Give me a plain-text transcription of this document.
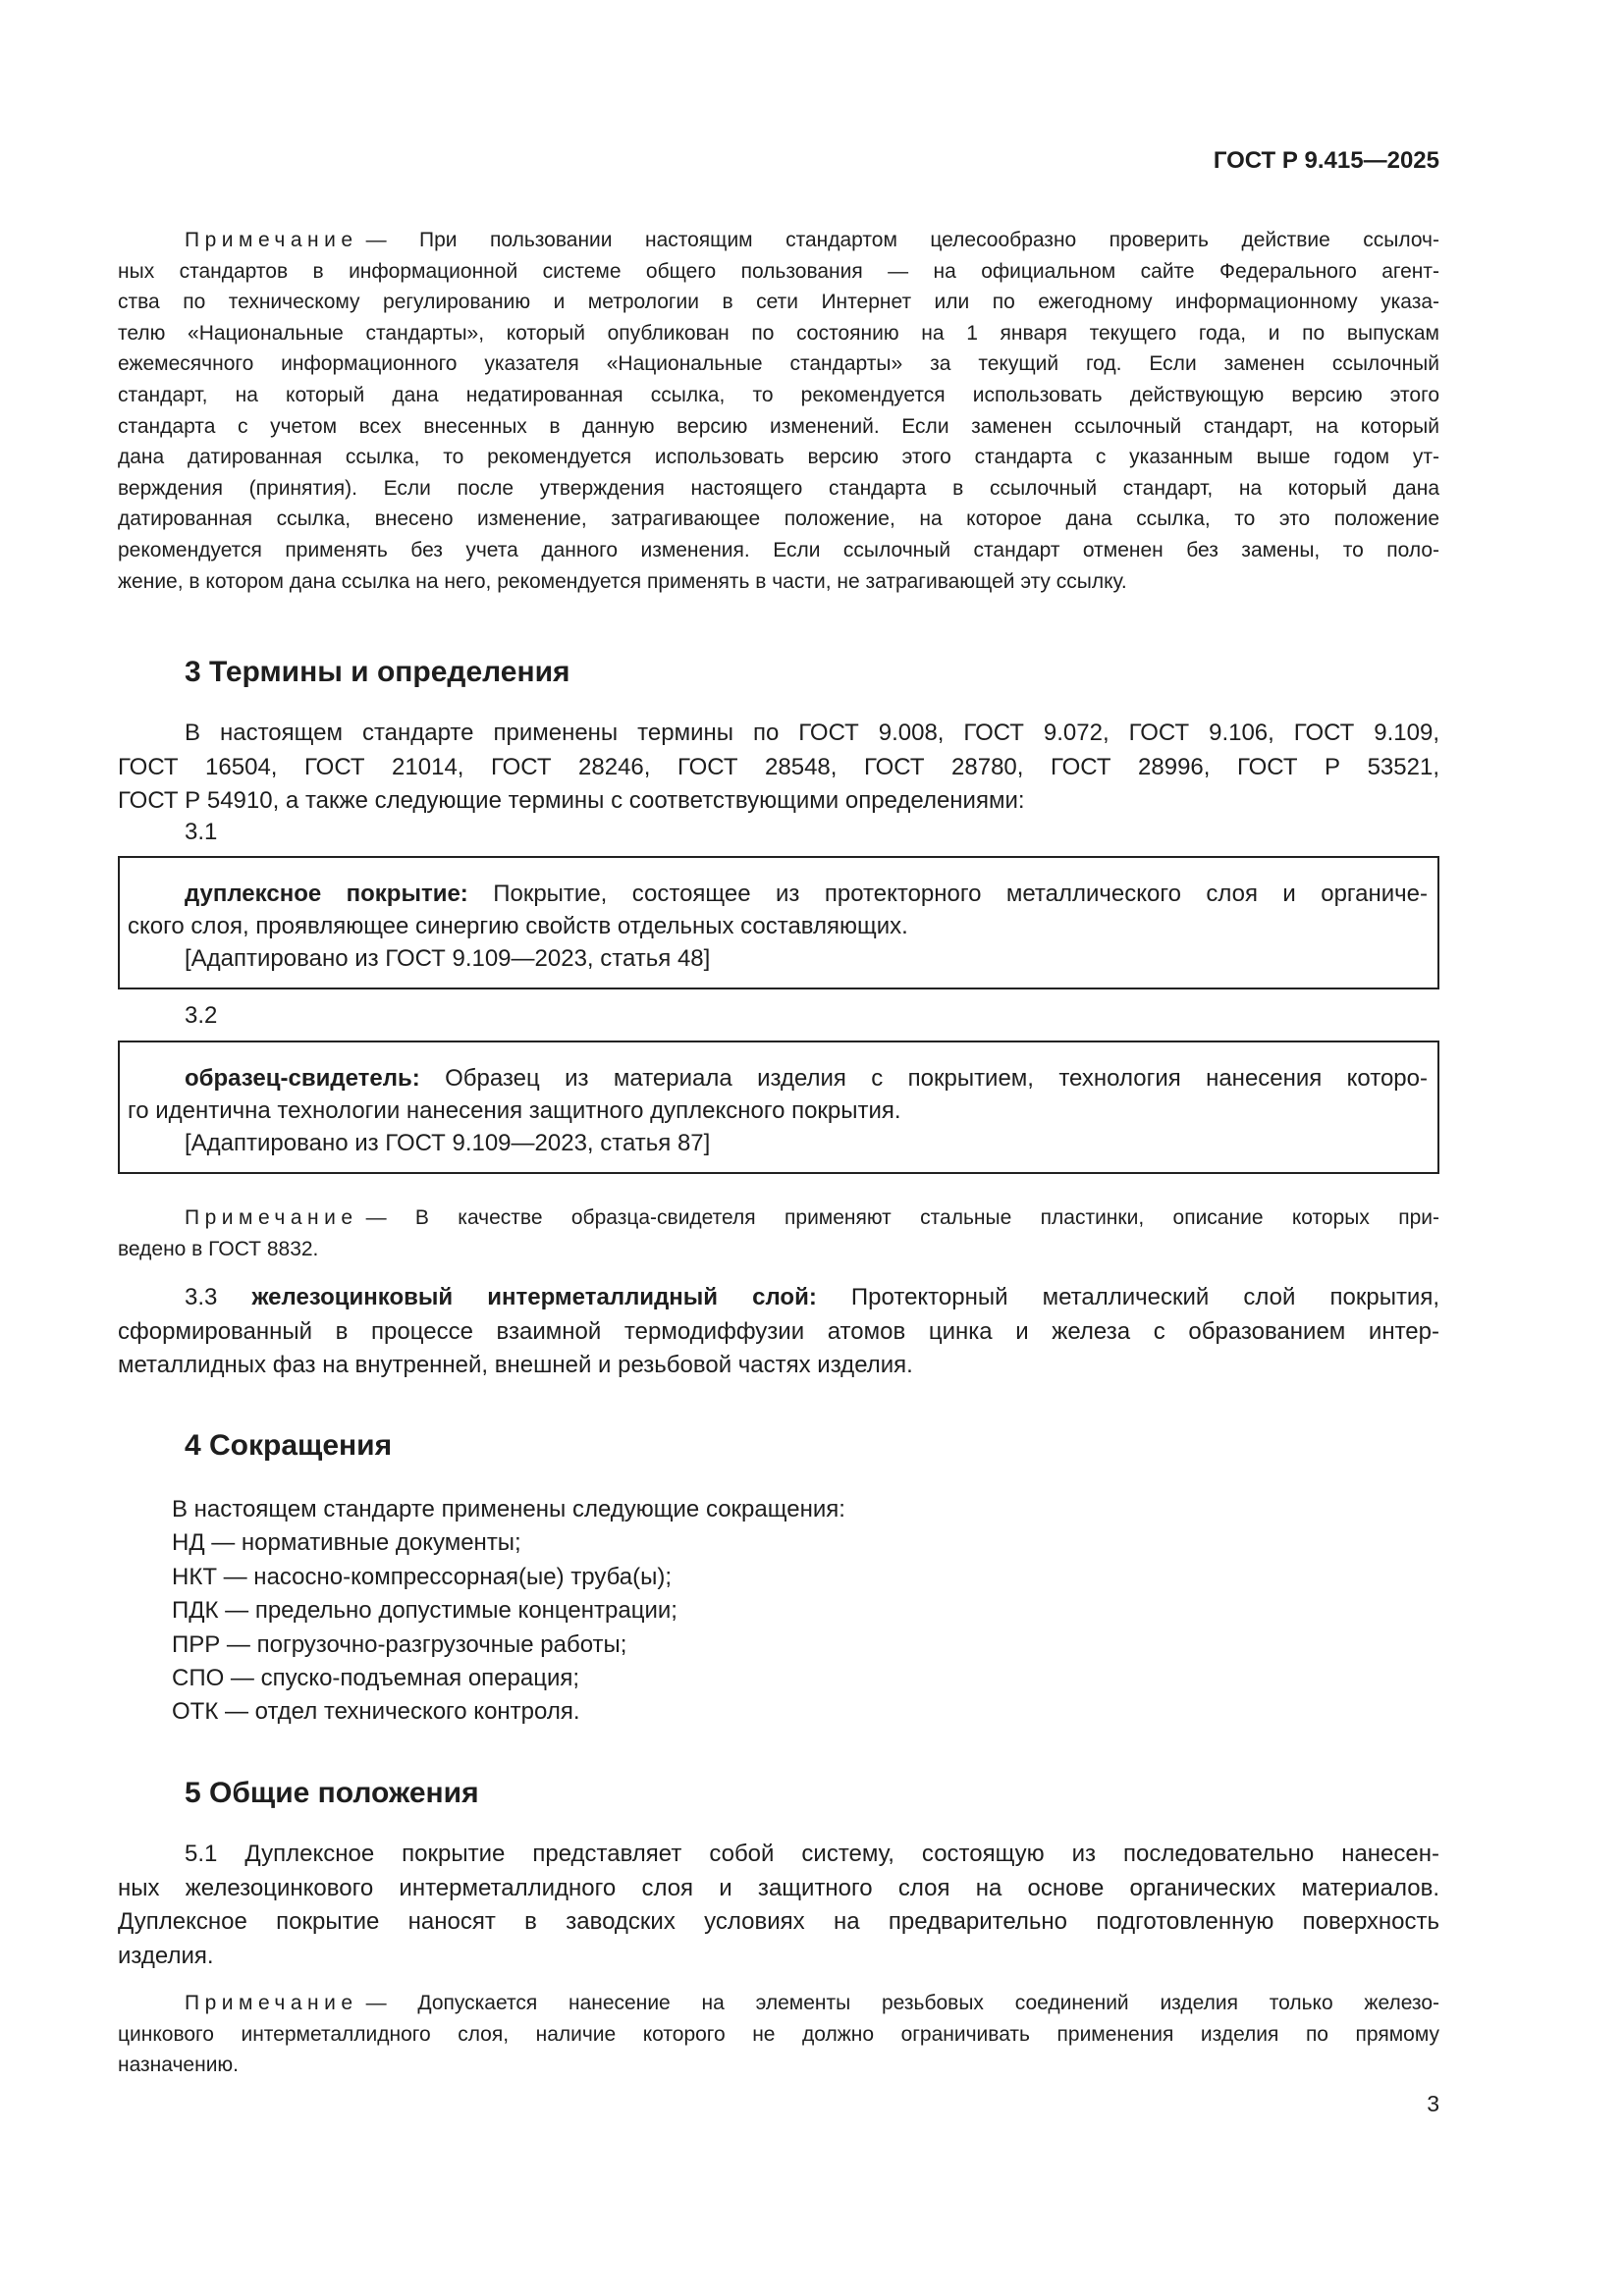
ГОСТ Р 9.415—2025
Примечание — При пользовании настоящим стандартом целесообразно проверить действие ссылоч-
ных стандартов в информационной системе общего пользования — на официальном сайте Федерального агент-
ства по техническому регулированию и метрологии в сети Интернет или по ежегодному информационному указа-
телю «Национальные стандарты», который опубликован по состоянию на 1 января текущего года, и по выпускам
ежемесячного информационного указателя «Национальные стандарты» за текущий год. Если заменен ссылочный
стандарт, на который дана недатированная ссылка, то рекомендуется использовать действующую версию этого
стандарта с учетом всех внесенных в данную версию изменений. Если заменен ссылочный стандарт, на который
дана датированная ссылка, то рекомендуется использовать версию этого стандарта с указанным выше годом ут-
верждения (принятия). Если после утверждения настоящего стандарта в ссылочный стандарт, на который дана
датированная ссылка, внесено изменение, затрагивающее положение, на которое дана ссылка, то это положение
рекомендуется применять без учета данного изменения. Если ссылочный стандарт отменен без замены, то поло-
жение, в котором дана ссылка на него, рекомендуется применять в части, не затрагивающей эту ссылку.
3 Термины и определения
В настоящем стандарте применены термины по ГОСТ 9.008, ГОСТ 9.072, ГОСТ 9.106, ГОСТ 9.109,
ГОСТ 16504, ГОСТ 21014, ГОСТ 28246, ГОСТ 28548, ГОСТ 28780, ГОСТ 28996, ГОСТ Р 53521,
ГОСТ Р 54910, а также следующие термины с соответствующими определениями:
3.1
дуплексное покрытие: Покрытие, состоящее из протекторного металлического слоя и органиче-
ского слоя, проявляющее синергию свойств отдельных составляющих.
[Адаптировано из ГОСТ 9.109—2023, статья 48]
3.2
образец-свидетель: Образец из материала изделия с покрытием, технология нанесения которо-
го идентична технологии нанесения защитного дуплексного покрытия.
[Адаптировано из ГОСТ 9.109—2023, статья 87]
Примечание — В качестве образца-свидетеля применяют стальные пластинки, описание которых при-
ведено в ГОСТ 8832.
3.3 железоцинковый интерметаллидный слой: Протекторный металлический слой покрытия,
сформированный в процессе взаимной термодиффузии атомов цинка и железа с образованием интер-
металлидных фаз на внутренней, внешней и резьбовой частях изделия.
4 Сокращения
В настоящем стандарте применены следующие сокращения:
НД — нормативные документы;
НКТ — насосно-компрессорная(ые) труба(ы);
ПДК — предельно допустимые концентрации;
ПРР — погрузочно-разгрузочные работы;
СПО — спуско-подъемная операция;
ОТК — отдел технического контроля.
5 Общие положения
5.1 Дуплексное покрытие представляет собой систему, состоящую из последовательно нанесен-
ных железоцинкового интерметаллидного слоя и защитного слоя на основе органических материалов.
Дуплексное покрытие наносят в заводских условиях на предварительно подготовленную поверхность
изделия.
Примечание — Допускается нанесение на элементы резьбовых соединений изделия только железо-
цинкового интерметаллидного слоя, наличие которого не должно ограничивать применения изделия по прямому
назначению.
3
